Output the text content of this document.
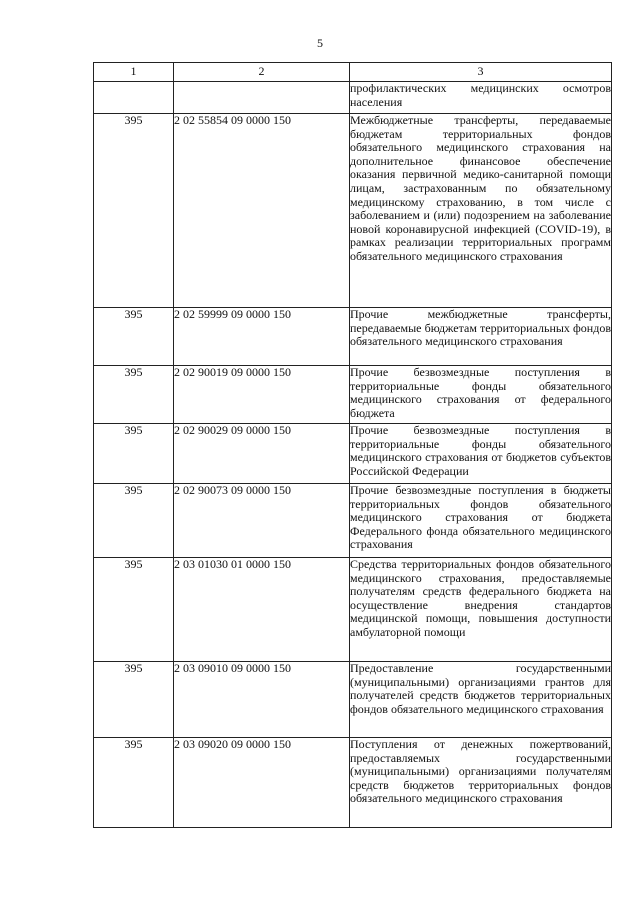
5
1	2	3
		профилактических медицинских осмотров населения
395	2 02 55854 09 0000 150	Межбюджетные трансферты, передаваемые бюджетам территориальных фондов обязательного медицинского страхования на дополнительное финансовое обеспечение оказания первичной медико-санитарной помощи лицам, застрахованным по обязательному медицинскому страхованию, в том числе с заболеванием и (или) подозрением на заболевание новой коронавирусной инфекцией (COVID-19), в рамках реализации территориальных программ обязательного медицинского страхования
395	2 02 59999 09 0000 150	Прочие межбюджетные трансферты, передаваемые бюджетам территориальных фондов обязательного медицинского страхования
395	2 02 90019 09 0000 150	Прочие безвозмездные поступления в территориальные фонды обязательного медицинского страхования от федерального бюджета
395	2 02 90029 09 0000 150	Прочие безвозмездные поступления в территориальные фонды обязательного медицинского страхования от бюджетов субъектов Российской Федерации
395	2 02 90073 09 0000 150	Прочие безвозмездные поступления в бюджеты территориальных фондов обязательного медицинского страхования от бюджета Федерального фонда обязательного медицинского страхования
395	2 03 01030 01 0000 150	Средства территориальных фондов обязательного медицинского страхования, предоставляемые получателям средств федерального бюджета на осуществление внедрения стандартов медицинской помощи, повышения доступности амбулаторной помощи
395	2 03 09010 09 0000 150	Предоставление государственными (муниципальными) организациями грантов для получателей средств бюджетов территориальных фондов обязательного медицинского страхования
395	2 03 09020 09 0000 150	Поступления от денежных пожертвований, предоставляемых государственными (муниципальными) организациями получателям средств бюджетов территориальных фондов обязательного медицинского страхования
